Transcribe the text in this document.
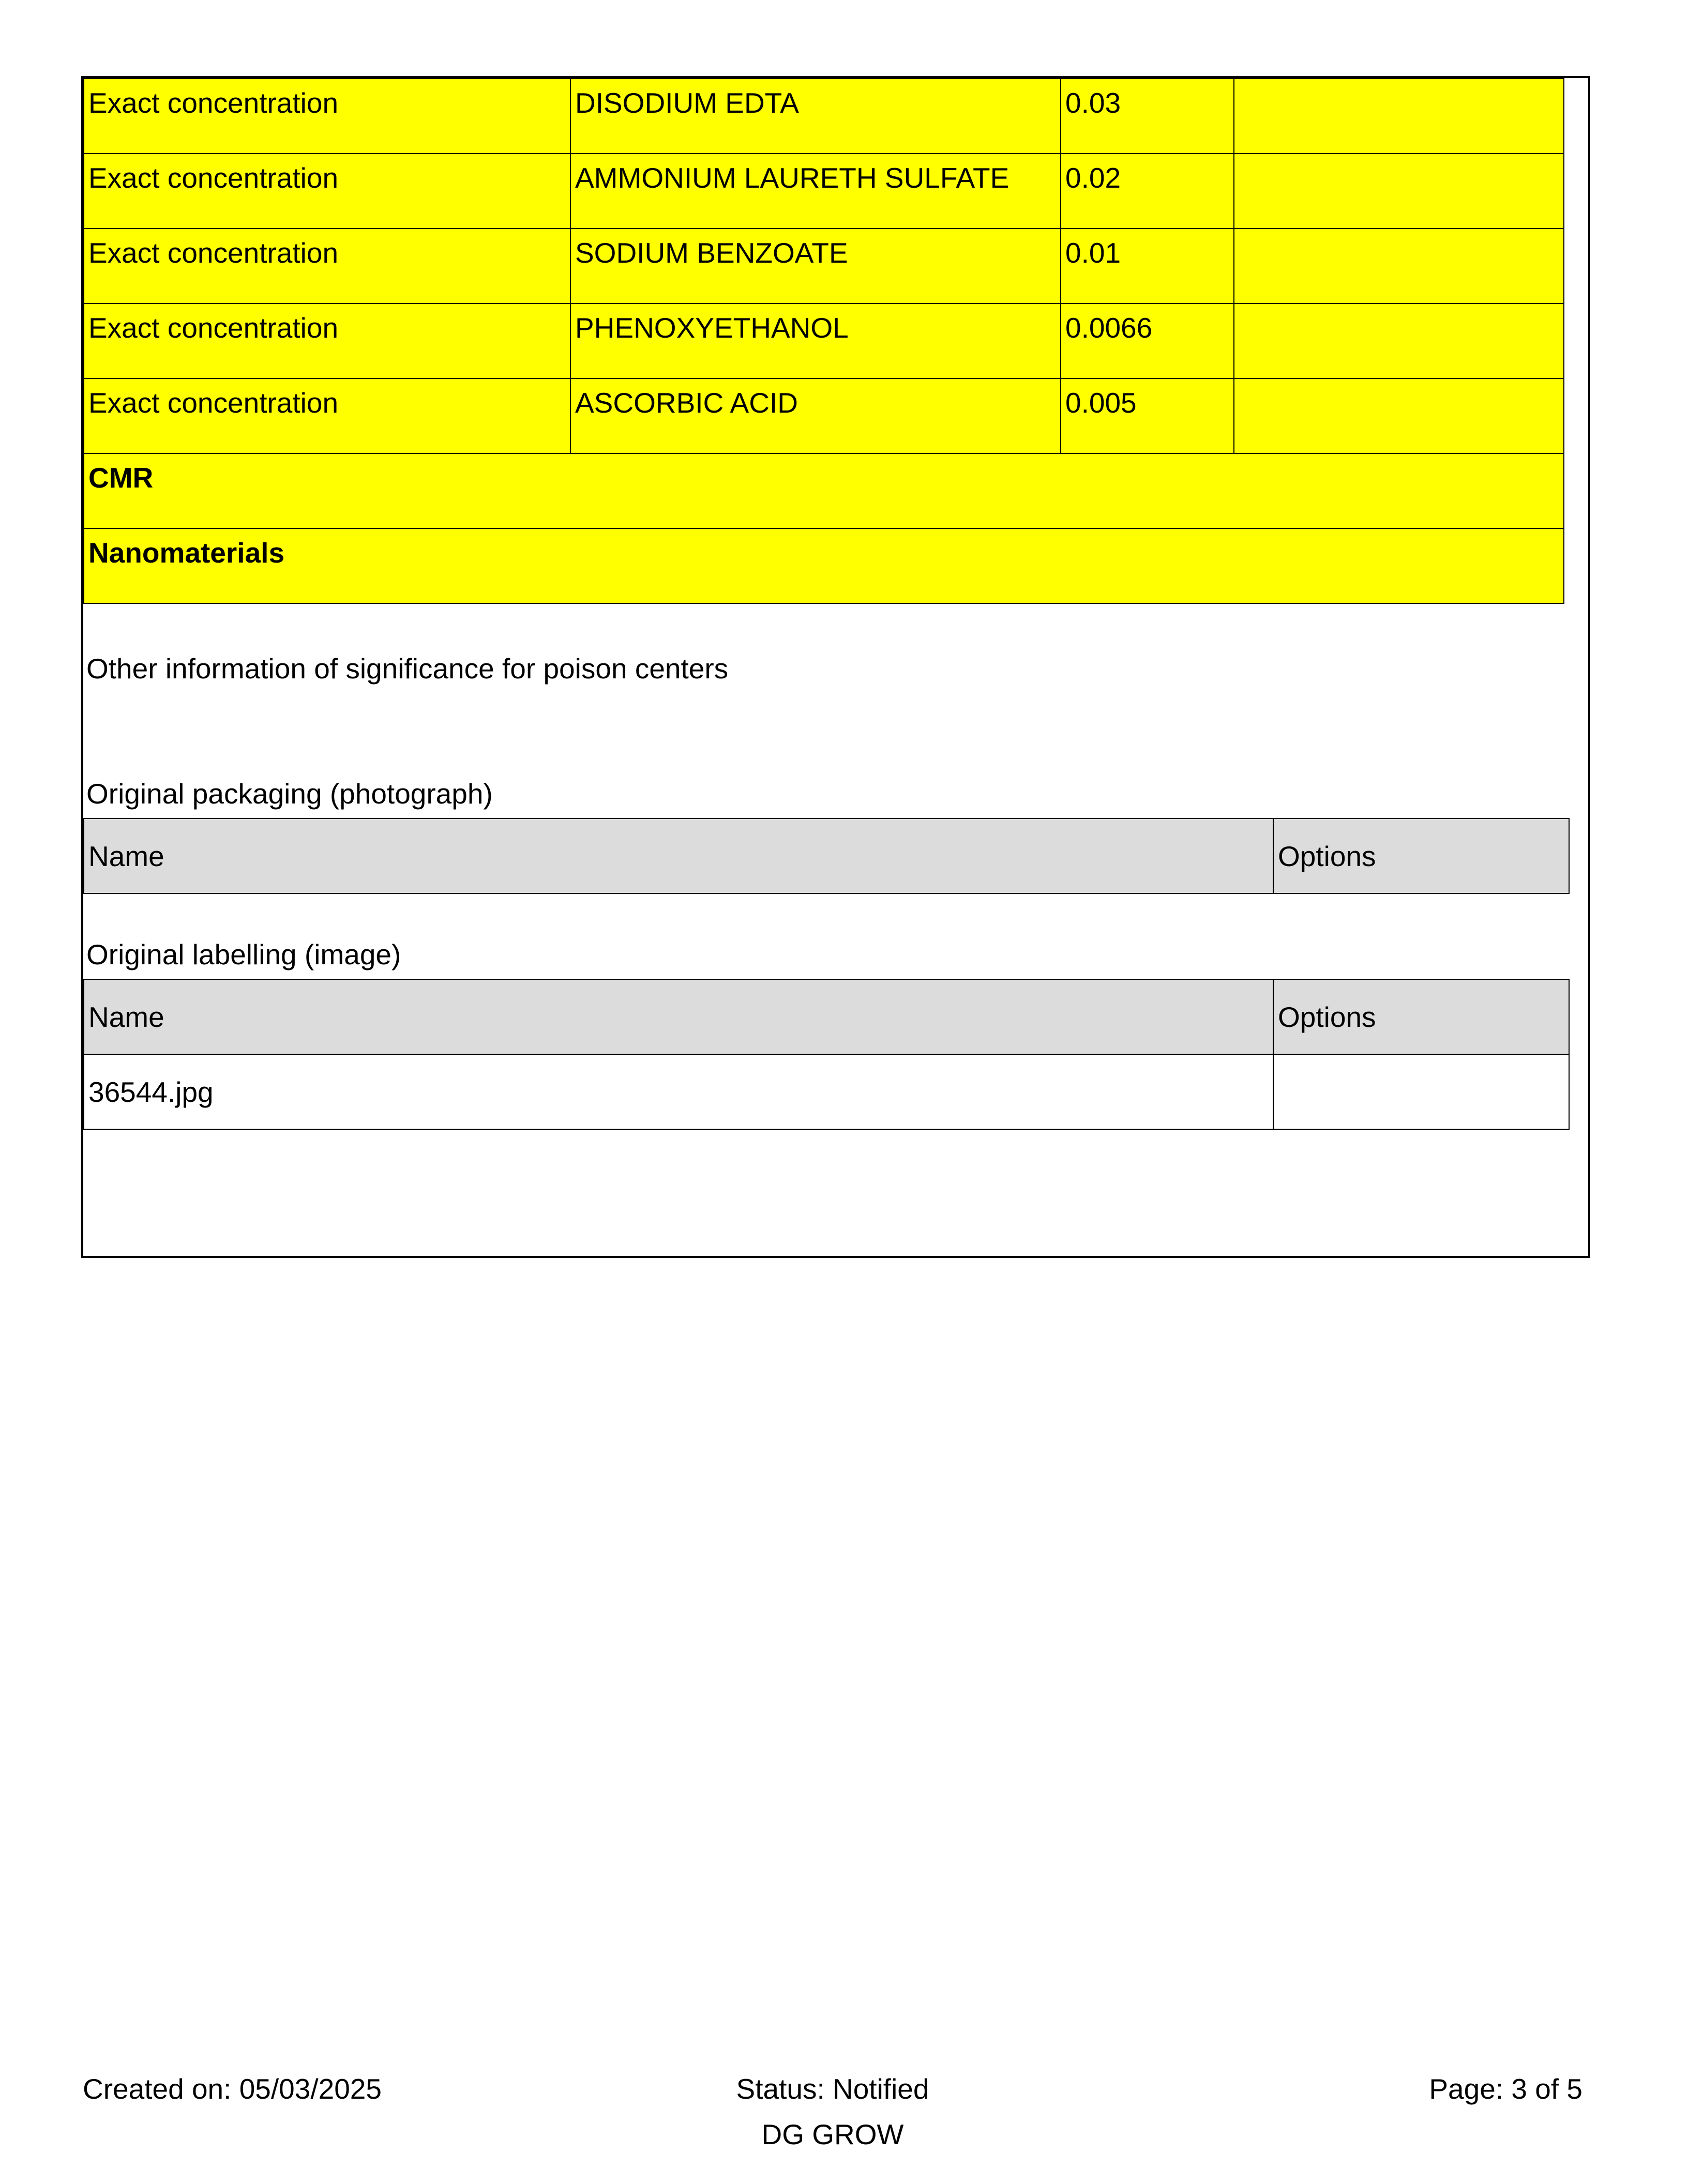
Exact concentration	DISODIUM EDTA	0.03	
Exact concentration	AMMONIUM LAURETH SULFATE	0.02	
Exact concentration	SODIUM BENZOATE	0.01	
Exact concentration	PHENOXYETHANOL	0.0066	
Exact concentration	ASCORBIC ACID	0.005	
CMR			
Nanomaterials			
Other information of significance for poison centers
Original packaging (photograph)
Name	Options
Original labelling (image)
Name	Options
36544.jpg	
Created on: 05/03/2025	Status: Notified	Page: 3 of 5
DG GROW
